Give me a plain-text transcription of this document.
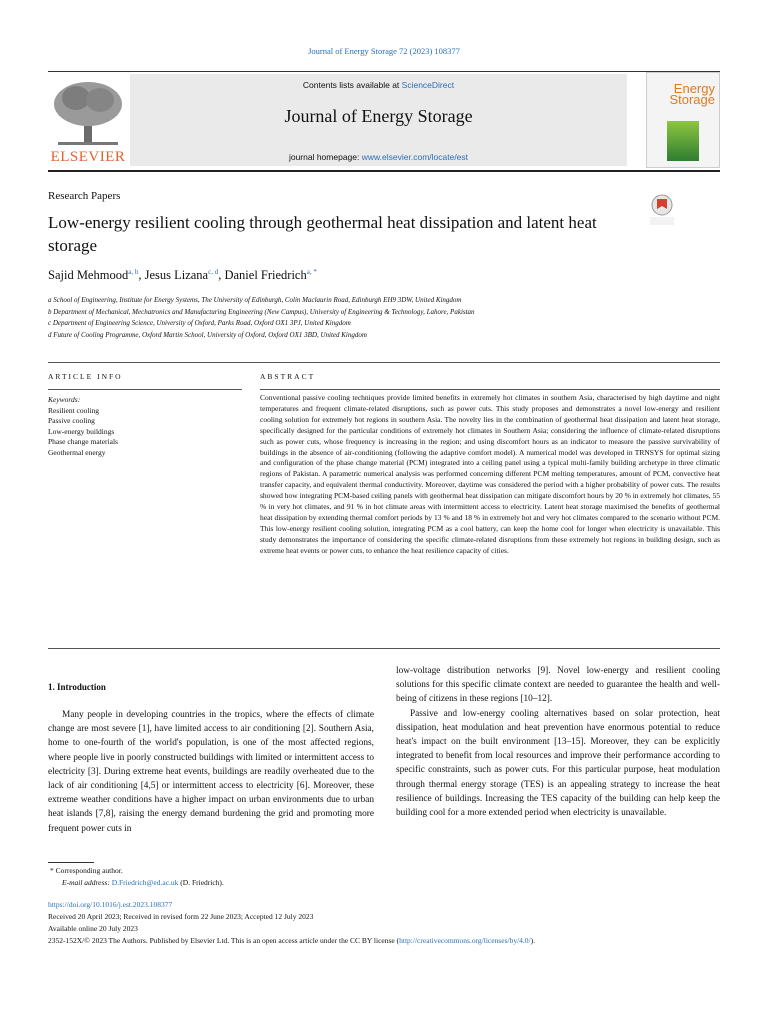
Journal of Energy Storage 72 (2023) 108377
ELSEVIER
Contents lists available at ScienceDirect
Journal of Energy Storage
journal homepage: www.elsevier.com/locate/est
Energy
Storage
Research Papers
Low-energy resilient cooling through geothermal heat dissipation and latent heat storage
Sajid Mehmood$^{a, b}$, Jesus Lizana$^{c, d}$, Daniel Friedrich$^{a, *}$
a School of Engineering, Institute for Energy Systems, The University of Edinburgh, Colin Maclaurin Road, Edinburgh EH9 3DW, United Kingdom
b Department of Mechanical, Mechatronics and Manufacturing Engineering (New Campus), University of Engineering & Technology, Lahore, Pakistan
c Department of Engineering Science, University of Oxford, Parks Road, Oxford OX1 3PJ, United Kingdom
d Future of Cooling Programme, Oxford Martin School, University of Oxford, Oxford OX1 3BD, United Kingdom
ARTICLE INFO	ABSTRACT
Keywords:
Resilient cooling
Passive cooling
Low-energy buildings
Phase change materials
Geothermal energy
Conventional passive cooling techniques provide limited benefits in extremely hot climates in southern Asia, characterised by high daytime and night temperatures and frequent climate-related disruptions, such as power cuts. This study proposes and demonstrates a novel low-energy and resilient cooling solution for extremely hot regions in southern Asia. The novelty lies in the combination of geothermal heat dissipation and latent heat storage, specifically designed for the particular conditions of extremely hot climates in Southern Asia; considering the influence of climate-related disruptions such as power cuts, whose frequency is increasing in the region; and using discomfort hours as an indicator to measure the passive survivability of buildings in the absence of air-conditioning (following the adaptive comfort model). A numerical model was developed in TRNSYS for optimal sizing and configuration of the phase change material (PCM) integrated into a ceiling panel using a typical multi-family building archetype in three climatic regions of Pakistan. A parametric numerical analysis was performed concerning different PCM melting temperatures, amount of PCM, convective heat transfer capacity, and equivalent thermal conductivity. Moreover, daytime was considered the period with a higher probability of power cuts. The results showed how integrating PCM-based ceiling panels with geothermal heat dissipation can mitigate discomfort hours by 20 % in extremely hot climates, 55 % in very hot climates, and 91 % in hot climate areas with intermittent access to electricity. Latent heat storage maximised the benefits of geothermal heat dissipation by extending thermal comfort periods by 13 % and 18 % in extremely hot and very hot climates compared to the scenario without PCM. This low-energy resilient cooling solution, integrating PCM as a cool battery, can keep the home cool for longer when electricity is unavailable. This study demonstrates the importance of considering the specific climate-related disruptions from these extremely hot regions in building design, such as extreme heat events or power cuts, to enhance the heat resilience capacity of cities.
1. Introduction

Many people in developing countries in the tropics, where the effects of climate change are most severe [1], have limited access to air conditioning [2]. Southern Asia, home to one-fourth of the world's population, is one of the most affected regions, where people live in poorly constructed buildings with limited or intermittent access to electricity [3]. During extreme heat events, buildings are readily overheated due to the lack of air conditioning [4,5] or intermittent access to electricity [6]. Moreover, these extreme weather conditions have a higher impact on urban environments due to urban heat islands [7,8], raising the energy demand burdening the grid and promoting more frequent power cuts in

low-voltage distribution networks [9]. Novel low-energy and resilient cooling solutions for this specific climate context are needed to guarantee the health and well-being of citizens in these regions [10–12].

Passive and low-energy cooling alternatives based on solar protection, heat dissipation, heat modulation and heat prevention have enormous potential to reduce heat's impact on the built environment [13–15]. Moreover, they can be explicitly integrated to benefit from local resources and improve their performance according to specific constraints, such as power cuts. For this particular purpose, heat modulation through thermal energy storage (TES) is an appealing strategy to increase the heat resilience of buildings. Increasing the TES capacity of the building can help keep the building cool for a more extended period when electricity is unavailable.

* Corresponding author.
E-mail address: D.Friedrich@ed.ac.uk (D. Friedrich).
https://doi.org/10.1016/j.est.2023.108377
Received 20 April 2023; Received in revised form 22 June 2023; Accepted 12 July 2023
Available online 20 July 2023
2352-152X/© 2023 The Authors. Published by Elsevier Ltd. This is an open access article under the CC BY license (http://creativecommons.org/licenses/by/4.0/).
